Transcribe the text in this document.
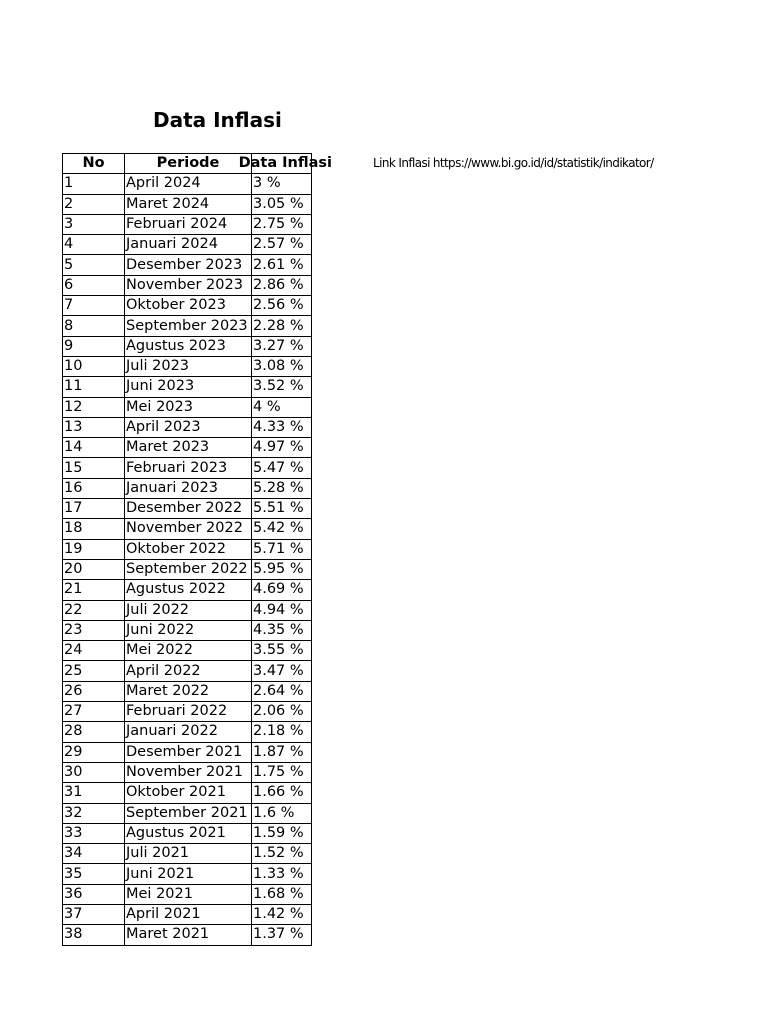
Data Inflasi
Link Inflasi https://www.bi.go.id/id/statistik/indikator/
No	Periode	Data Inflasi

1	April 2024	3 %
2	Maret 2024	3.05 %
3	Februari 2024	2.75 %
4	Januari 2024	2.57 %
5	Desember 2023	2.61 %
6	November 2023	2.86 %
7	Oktober 2023	2.56 %
8	September 2023	2.28 %
9	Agustus 2023	3.27 %
10	Juli 2023	3.08 %
11	Juni 2023	3.52 %
12	Mei 2023	4 %
13	April 2023	4.33 %
14	Maret 2023	4.97 %
15	Februari 2023	5.47 %
16	Januari 2023	5.28 %
17	Desember 2022	5.51 %
18	November 2022	5.42 %
19	Oktober 2022	5.71 %
20	September 2022	5.95 %
21	Agustus 2022	4.69 %
22	Juli 2022	4.94 %
23	Juni 2022	4.35 %
24	Mei 2022	3.55 %
25	April 2022	3.47 %
26	Maret 2022	2.64 %
27	Februari 2022	2.06 %
28	Januari 2022	2.18 %
29	Desember 2021	1.87 %
30	November 2021	1.75 %
31	Oktober 2021	1.66 %
32	September 2021	1.6 %
33	Agustus 2021	1.59 %
34	Juli 2021	1.52 %
35	Juni 2021	1.33 %
36	Mei 2021	1.68 %
37	April 2021	1.42 %
38	Maret 2021	1.37 %
